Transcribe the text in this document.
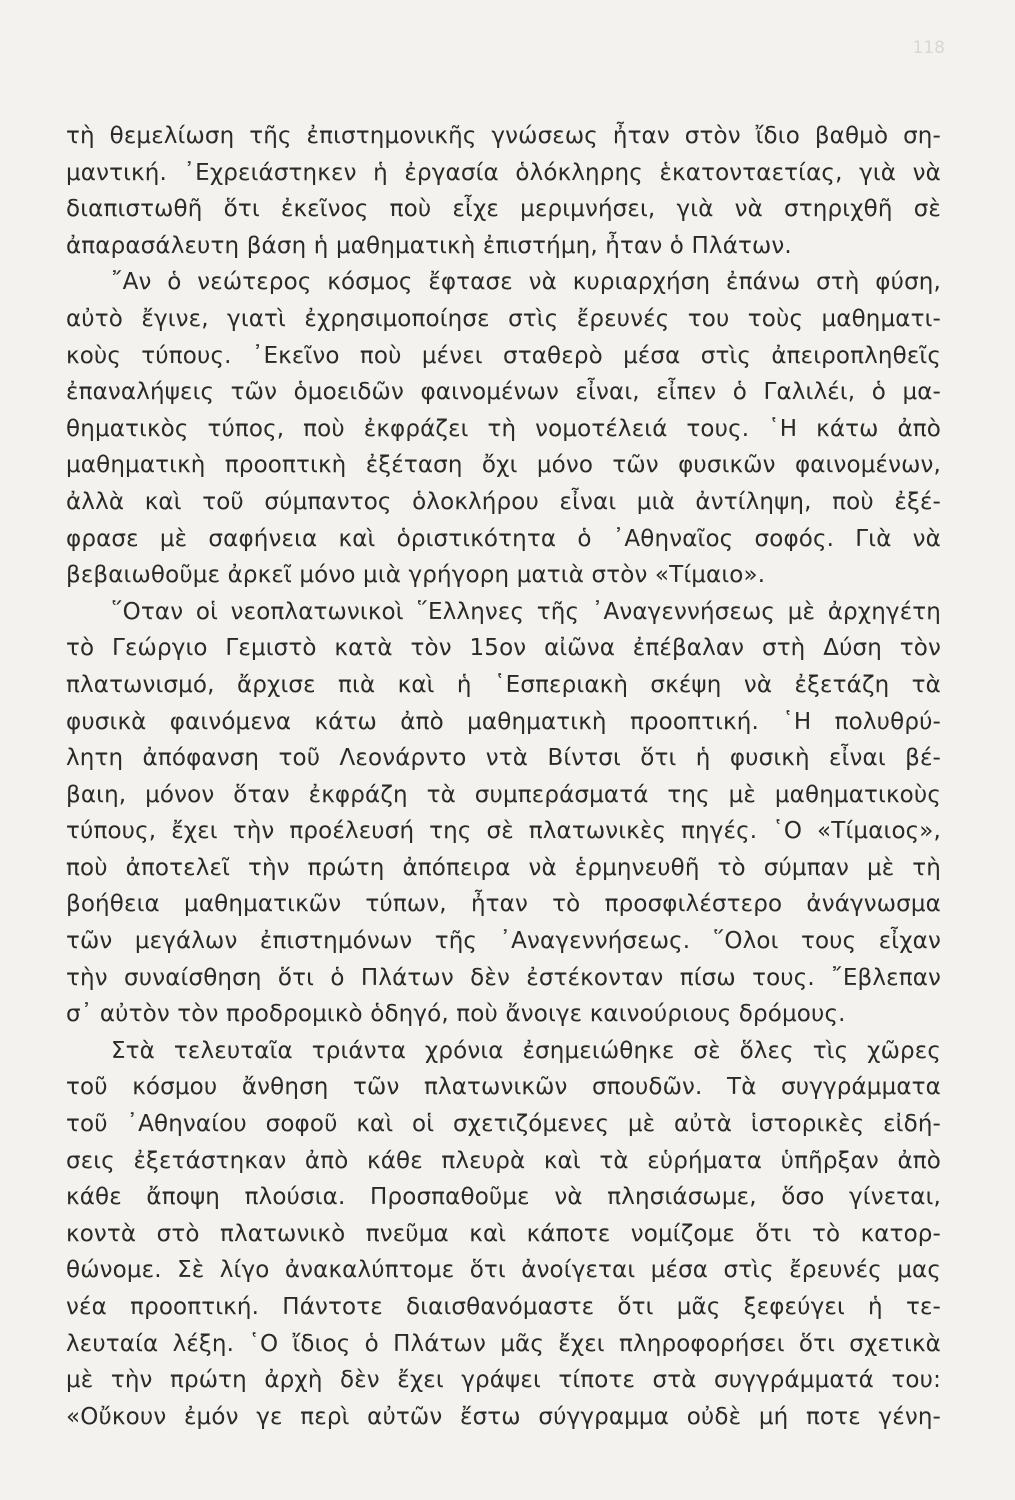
118
τὴ θεμελίωση τῆς ἐπιστημονικῆς γνώσεως ἦταν στὸν ἴδιο βαθμὸ ση-
μαντική. ᾿Εχρειάστηκεν ἡ ἐργασία ὁλόκληρης ἑκατονταετίας, γιὰ νὰ
διαπιστωθῆ ὅτι ἐκεῖνος ποὺ εἶχε μεριμνήσει, γιὰ νὰ στηριχθῆ σὲ
ἀπαρασάλευτη βάση ἡ μαθηματικὴ ἐπιστήμη, ἦταν ὁ Πλάτων.
῎Αν ὁ νεώτερος κόσμος ἔφτασε νὰ κυριαρχήση ἐπάνω στὴ φύση,
αὐτὸ ἔγινε, γιατὶ ἐχρησιμοποίησε στὶς ἔρευνές του τοὺς μαθηματι-
κοὺς τύπους. ᾿Εκεῖνο ποὺ μένει σταθερὸ μέσα στὶς ἀπειροπληθεῖς
ἐπαναλήψεις τῶν ὁμοειδῶν φαινομένων εἶναι, εἶπεν ὁ Γαλιλέι, ὁ μα-
θηματικὸς τύπος, ποὺ ἐκφράζει τὴ νομοτέλειά τους. ῾Η κάτω ἀπὸ
μαθηματικὴ προοπτικὴ ἐξέταση ὄχι μόνο τῶν φυσικῶν φαινομένων,
ἀλλὰ καὶ τοῦ σύμπαντος ὁλοκλήρου εἶναι μιὰ ἀντίληψη, ποὺ ἐξέ-
φρασε μὲ σαφήνεια καὶ ὁριστικότητα ὁ ᾿Αθηναῖος σοφός. Γιὰ νὰ
βεβαιωθοῦμε ἀρκεῖ μόνο μιὰ γρήγορη ματιὰ στὸν «Τίμαιο».
῞Οταν οἱ νεοπλατωνικοὶ ῞Ελληνες τῆς ᾿Αναγεννήσεως μὲ ἀρχηγέτη
τὸ Γεώργιο Γεμιστὸ κατὰ τὸν 15ον αἰῶνα ἐπέβαλαν στὴ Δύση τὸν
πλατωνισμό, ἄρχισε πιὰ καὶ ἡ ῾Εσπεριακὴ σκέψη νὰ ἐξετάζη τὰ
φυσικὰ φαινόμενα κάτω ἀπὸ μαθηματικὴ προοπτική. ῾Η πολυθρύ-
λητη ἀπόφανση τοῦ Λεονάρντο ντὰ Βίντσι ὅτι ἡ φυσικὴ εἶναι βέ-
βαιη, μόνον ὅταν ἐκφράζη τὰ συμπεράσματά της μὲ μαθηματικοὺς
τύπους, ἔχει τὴν προέλευσή της σὲ πλατωνικὲς πηγές. ῾Ο «Τίμαιος»,
ποὺ ἀποτελεῖ τὴν πρώτη ἀπόπειρα νὰ ἑρμηνευθῆ τὸ σύμπαν μὲ τὴ
βοήθεια μαθηματικῶν τύπων, ἦταν τὸ προσφιλέστερο ἀνάγνωσμα
τῶν μεγάλων ἐπιστημόνων τῆς ᾿Αναγεννήσεως. ῞Ολοι τους εἶχαν
τὴν συναίσθηση ὅτι ὁ Πλάτων δὲν ἐστέκονταν πίσω τους. ῎Εβλεπαν
σ᾿ αὐτὸν τὸν προδρομικὸ ὁδηγό, ποὺ ἄνοιγε καινούριους δρόμους.
Στὰ τελευταῖα τριάντα χρόνια ἐσημειώθηκε σὲ ὅλες τὶς χῶρες
τοῦ κόσμου ἄνθηση τῶν πλατωνικῶν σπουδῶν. Τὰ συγγράμματα
τοῦ ᾿Αθηναίου σοφοῦ καὶ οἱ σχετιζόμενες μὲ αὐτὰ ἱστορικὲς εἰδή-
σεις ἐξετάστηκαν ἀπὸ κάθε πλευρὰ καὶ τὰ εὑρήματα ὑπῆρξαν ἀπὸ
κάθε ἄποψη πλούσια. Προσπαθοῦμε νὰ πλησιάσωμε, ὅσο γίνεται,
κοντὰ στὸ πλατωνικὸ πνεῦμα καὶ κάποτε νομίζομε ὅτι τὸ κατορ-
θώνομε. Σὲ λίγο ἀνακαλύπτομε ὅτι ἀνοίγεται μέσα στὶς ἔρευνές μας
νέα προοπτική. Πάντοτε διαισθανόμαστε ὅτι μᾶς ξεφεύγει ἡ τε-
λευταία λέξη. ῾Ο ἴδιος ὁ Πλάτων μᾶς ἔχει πληροφορήσει ὅτι σχετικὰ
μὲ τὴν πρώτη ἀρχὴ δὲν ἔχει γράψει τίποτε στὰ συγγράμματά του:
«Οὔκουν ἐμόν γε περὶ αὐτῶν ἔστω σύγγραμμα οὐδὲ μή ποτε γένη-
